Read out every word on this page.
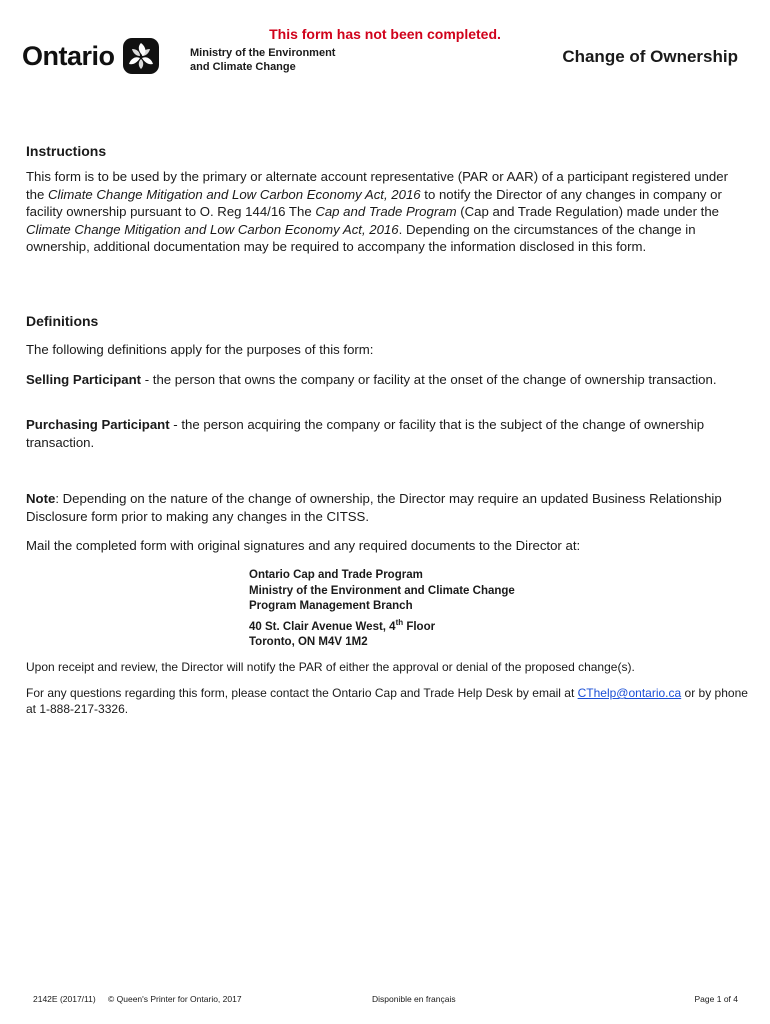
This form has not been completed.
Ontario	Ministry of the Environment
and Climate Change
Change of Ownership
Instructions
This form is to be used by the primary or alternate account representative (PAR or AAR) of a participant registered under the Climate Change Mitigation and Low Carbon Economy Act, 2016 to notify the Director of any changes in company or facility ownership pursuant to O. Reg 144/16 The Cap and Trade Program (Cap and Trade Regulation) made under the Climate Change Mitigation and Low Carbon Economy Act, 2016. Depending on the circumstances of the change in ownership, additional documentation may be required to accompany the information disclosed in this form.
Definitions
The following definitions apply for the purposes of this form:
Selling Participant - the person that owns the company or facility at the onset of the change of ownership transaction.
Purchasing Participant - the person acquiring the company or facility that is the subject of the change of ownership transaction.
Note: Depending on the nature of the change of ownership, the Director may require an updated Business Relationship Disclosure form prior to making any changes in the CITSS.
Mail the completed form with original signatures and any required documents to the Director at:
Ontario Cap and Trade Program
Ministry of the Environment and Climate Change
Program Management Branch
40 St. Clair Avenue West, 4th Floor
Toronto, ON M4V 1M2
Upon receipt and review, the Director will notify the PAR of either the approval or denial of the proposed change(s).
For any questions regarding this form, please contact the Ontario Cap and Trade Help Desk by email at CThelp@ontario.ca or by phone at 1-888-217-3326.
2142E (2017/11) © Queen's Printer for Ontario, 2017	Disponible en français	Page 1 of 4
